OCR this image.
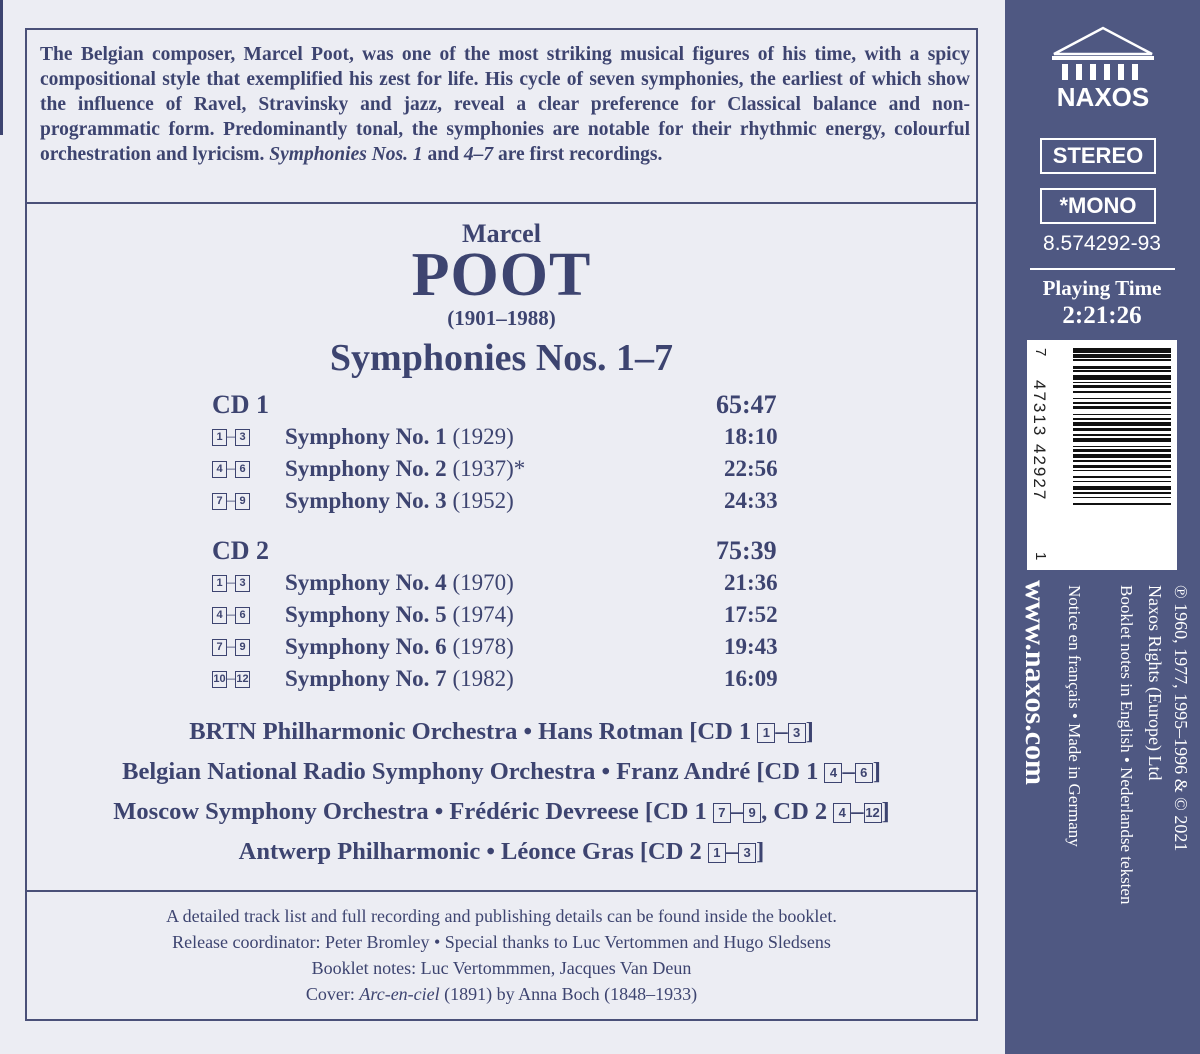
The Belgian composer, Marcel Poot, was one of the most striking musical figures of his time, with a spicy compositional style that exemplified his zest for life. His cycle of seven symphonies, the earliest of which show the influence of Ravel, Stravinsky and jazz, reveal a clear preference for Classical balance and non-programmatic form. Predominantly tonal, the symphonies are notable for their rhythmic energy, colourful orchestration and lyricism. Symphonies Nos. 1 and 4–7 are first recordings.
Marcel
POOT
(1901–1988)
Symphonies Nos. 1–7
CD 1	65:47
1 – 3 Symphony No. 1 (1929)	18:10
4 – 6 Symphony No. 2 (1937)*	22:56
7 – 9 Symphony No. 3 (1952)	24:33
CD 2	75:39
1 – 3 Symphony No. 4 (1970)	21:36
4 – 6 Symphony No. 5 (1974)	17:52
7 – 9 Symphony No. 6 (1978)	19:43
10–12 Symphony No. 7 (1982)	16:09
BRTN Philharmonic Orchestra • Hans Rotman [CD 1 1 – 3 ]
Belgian National Radio Symphony Orchestra • Franz André [CD 1 4 – 6 ]
Moscow Symphony Orchestra • Frédéric Devreese [CD 1 7 – 9 , CD 2 4 – 12]
Antwerp Philharmonic • Léonce Gras [CD 2 1 – 3 ]
A detailed track list and full recording and publishing details can be found inside the booklet.
Release coordinator: Peter Bromley • Special thanks to Luc Vertommen and Hugo Sledsens
Booklet notes: Luc Vertommmen, Jacques Van Deun
Cover: Arc-en-ciel (1891) by Anna Boch (1848–1933)
NAXOS
STEREO
*MONO
8.574292-93
Playing Time
2:21:26
7
47313 42927
1
www.naxos.com	℗ 1960, 1977, 1995–1996 & © 2021
Naxos Rights (Europe) Ltd
Booklet notes in English • Nederlandse teksten
Notice en français • Made in Germany
